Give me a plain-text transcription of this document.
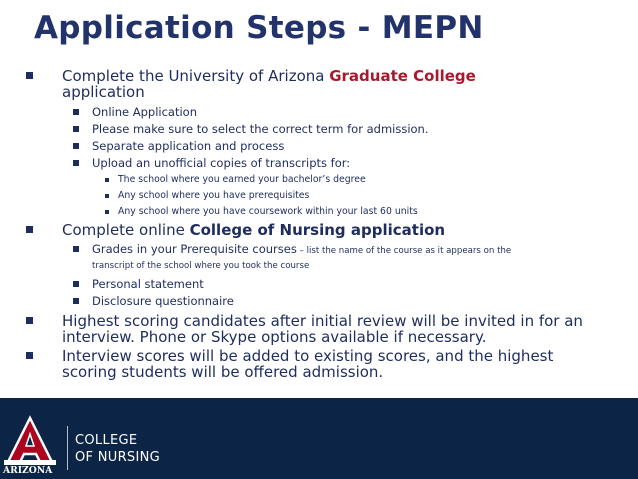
Application Steps - MEPN
Complete the University of Arizona Graduate College
application
Online Application
Please make sure to select the correct term for admission.
Separate application and process
Upload an unofficial copies of transcripts for:
The school where you earned your bachelor’s degree
Any school where you have prerequisites
Any school where you have coursework within your last 60 units
Complete online College of Nursing application
Grades in your Prerequisite courses – list the name of the course as it appears on the
transcript of the school where you took the course
Personal statement
Disclosure questionnaire
Highest scoring candidates after initial review will be invited in for an
interview. Phone or Skype options available if necessary.
Interview scores will be added to existing scores, and the highest
scoring students will be offered admission.
ARIZONA
COLLEGE
OF NURSING
